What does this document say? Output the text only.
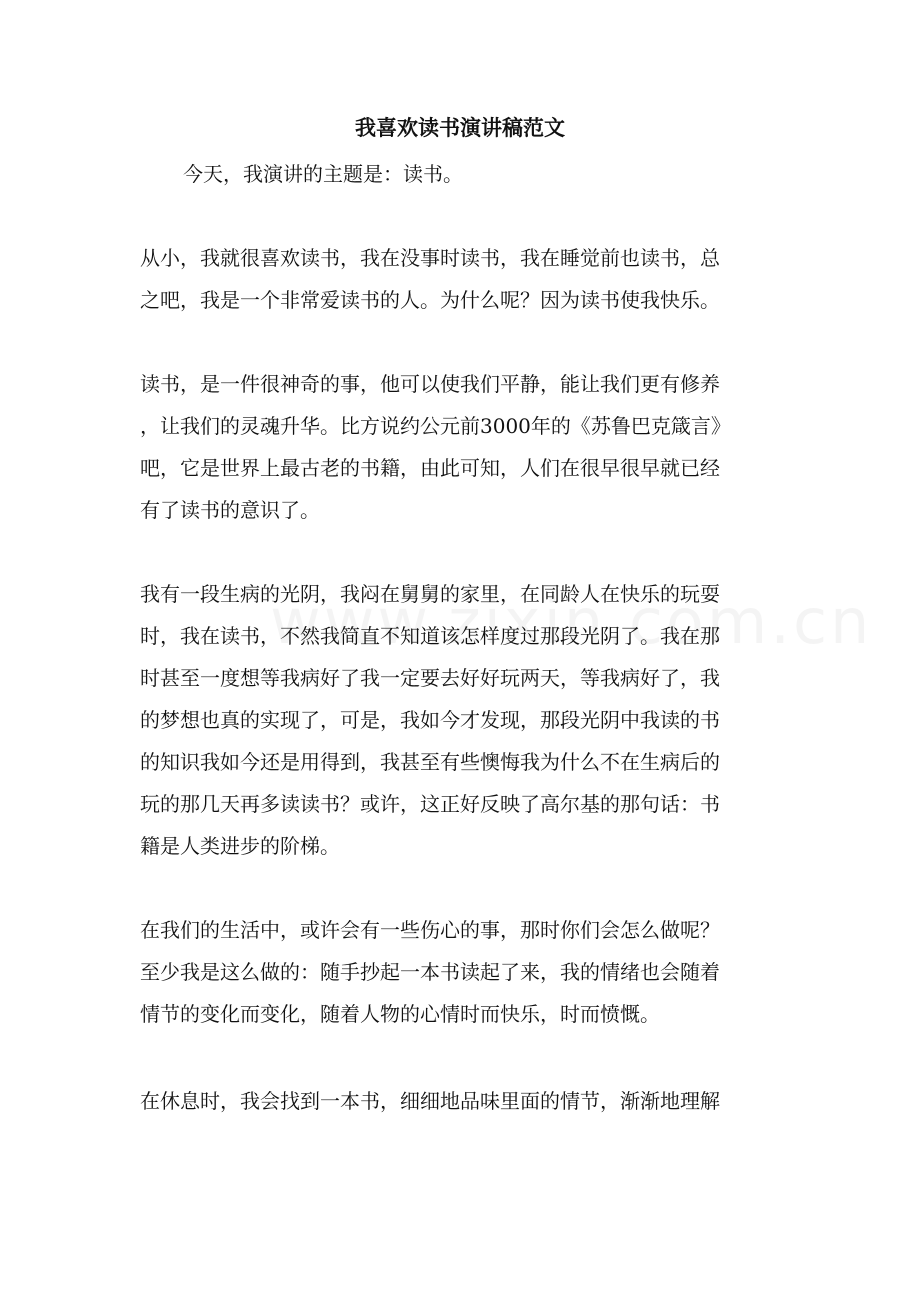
我喜欢读书演讲稿范文
今天，我演讲的主题是：读书。
从小，我就很喜欢读书，我在没事时读书，我在睡觉前也读书，总
之吧，我是一个非常爱读书的人。为什么呢？因为读书使我快乐。
读书，是一件很神奇的事，他可以使我们平静，能让我们更有修养
，让我们的灵魂升华。比方说约公元前3000年的《苏鲁巴克箴言》
吧，它是世界上最古老的书籍，由此可知，人们在很早很早就已经
有了读书的意识了。
我有一段生病的光阴，我闷在舅舅的家里，在同龄人在快乐的玩耍
时，我在读书，不然我简直不知道该怎样度过那段光阴了。我在那
时甚至一度想等我病好了我一定要去好好玩两天，等我病好了，我
的梦想也真的实现了，可是，我如今才发现，那段光阴中我读的书
的知识我如今还是用得到，我甚至有些懊悔我为什么不在生病后的
玩的那几天再多读读书？或许，这正好反映了高尔基的那句话：书
籍是人类进步的阶梯。
在我们的生活中，或许会有一些伤心的事，那时你们会怎么做呢？
至少我是这么做的：随手抄起一本书读起了来，我的情绪也会随着
情节的变化而变化，随着人物的心情时而快乐，时而愤慨。
在休息时，我会找到一本书，细细地品味里面的情节，渐渐地理解
